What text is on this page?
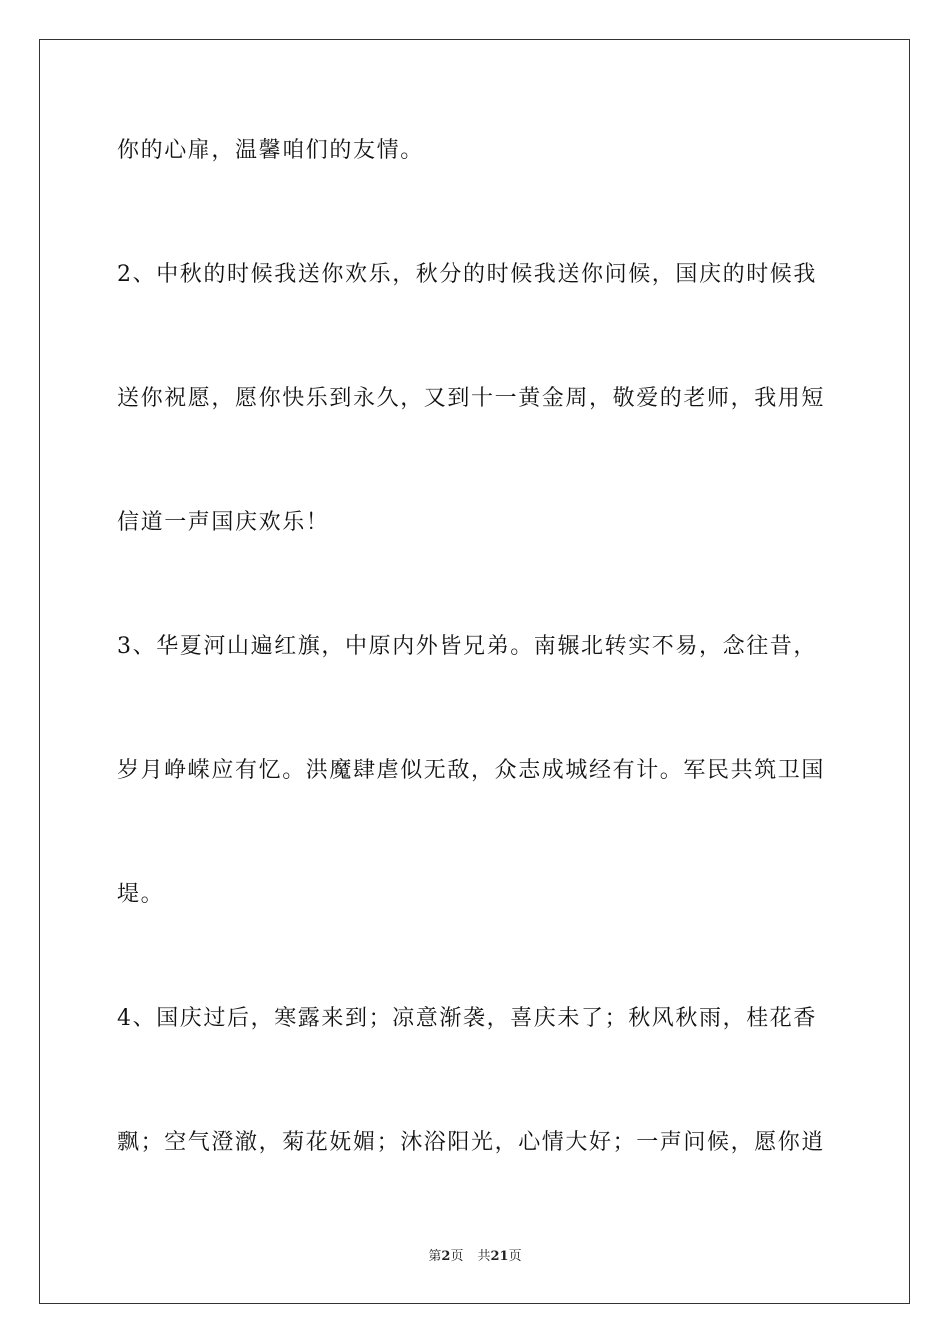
你的心扉，温馨咱们的友情。
2、中秋的时候我送你欢乐，秋分的时候我送你问候，国庆的时候我
送你祝愿，愿你快乐到永久，又到十一黄金周，敬爱的老师，我用短
信道一声国庆欢乐！
3、华夏河山遍红旗，中原内外皆兄弟。南辗北转实不易，念往昔，
岁月峥嵘应有忆。洪魔肆虐似无敌，众志成城经有计。军民共筑卫国
堤。
4、国庆过后，寒露来到；凉意渐袭，喜庆未了；秋风秋雨，桂花香
飘；空气澄澈，菊花妩媚；沐浴阳光，心情大好；一声问候，愿你逍
第2页 共21页
